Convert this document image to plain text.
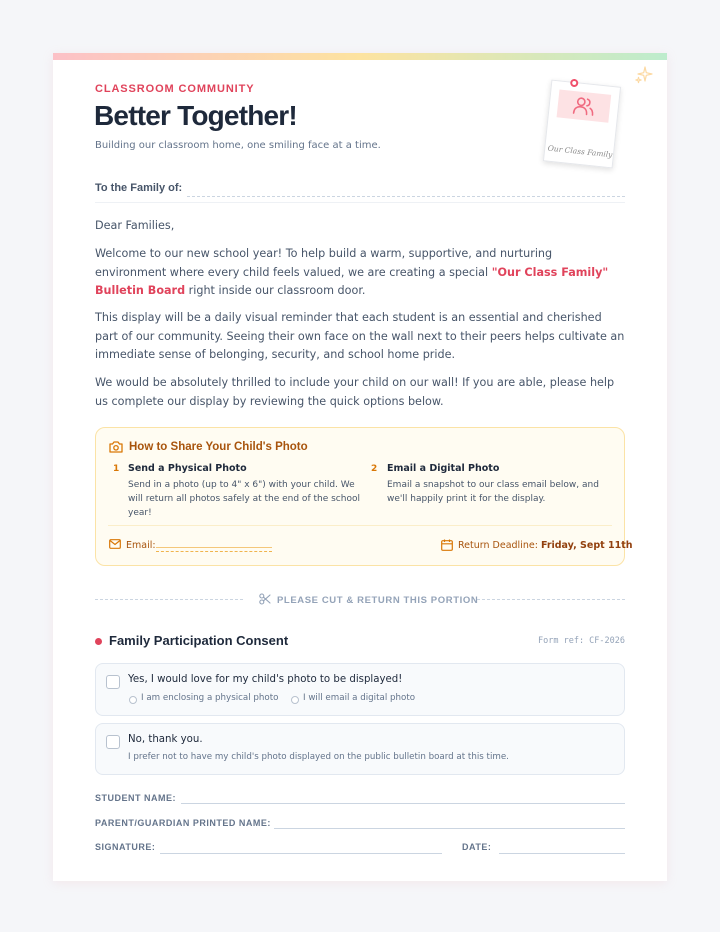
CLASSROOM COMMUNITY
Better Together!
Building our classroom home, one smiling face at a time.	Our Class Family
To the Family of:
Dear Families,
Welcome to our new school year! To help build a warm, supportive, and nurturing environment where every child feels valued, we are creating a special "Our Class Family" Bulletin Board right inside our classroom door.
This display will be a daily visual reminder that each student is an essential and cherished part of our community. Seeing their own face on the wall next to their peers helps cultivate an immediate sense of belonging, security, and school home pride.
We would be absolutely thrilled to include your child on our wall! If you are able, please help us complete our display by reviewing the quick options below.
How to Share Your Child's Photo
1 Send a Physical Photo
Send in a photo (up to 4" x 6") with your child. We will return all photos safely at the end of the school year!
2 Email a Digital Photo
Email a snapshot to our class email below, and we'll happily print it for the display.
Email:	Return Deadline: Friday, Sept 11th
PLEASE CUT & RETURN THIS PORTION
Family Participation Consent	Form ref: CF-2026
Yes, I would love for my child's photo to be displayed!
I am enclosing a physical photo	I will email a digital photo
No, thank you.
I prefer not to have my child's photo displayed on the public bulletin board at this time.
STUDENT NAME:
PARENT/GUARDIAN PRINTED NAME:
SIGNATURE:	DATE:
